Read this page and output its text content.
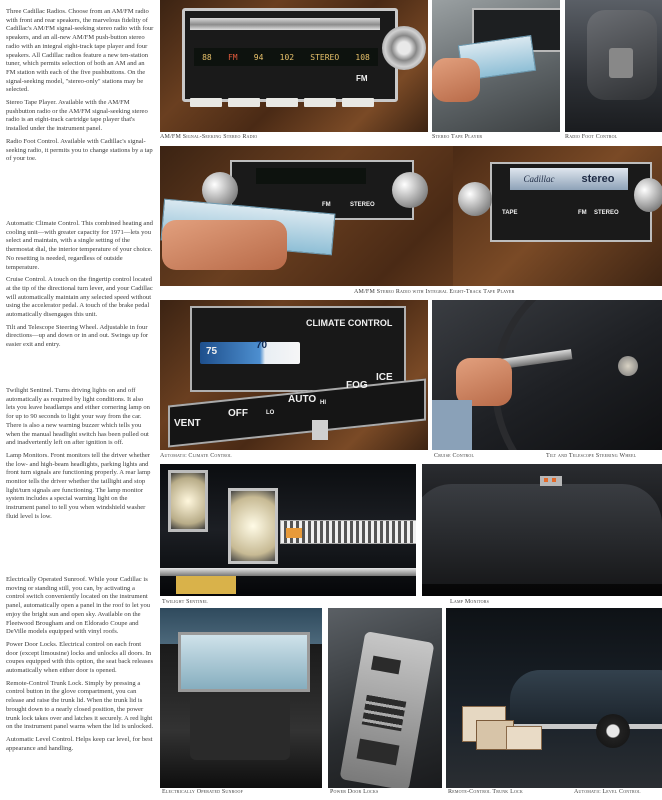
Three Cadillac Radios. Choose from an AM/FM radio with front and rear speakers, the marvelous fidelity of Cadillac's AM/FM signal-seeking stereo radio with four speakers, and an all-new AM/FM push-button stereo radio with an integral eight-track tape player and four speakers. All Cadillac radios feature a new ten-station tuner, which permits selection of both an AM and an FM station with each of the five pushbuttons. On the signal-seeking model, "stereo-only" stations may be selected.

Stereo Tape Player. Available with the AM/FM pushbutton radio or the AM/FM signal-seeking stereo radio is an eight-track cartridge tape player that's installed under the instrument panel.

Radio Foot Control. Available with Cadillac's signal-seeking radio, it permits you to change stations by a tap of your toe.

Automatic Climate Control. This combined heating and cooling unit—with greater capacity for 1971—lets you select and maintain, with a single setting of the thermostat dial, the interior temperature of your choice. No resetting is needed, regardless of outside temperature.

Cruise Control. A touch on the fingertip control located at the tip of the directional turn lever, and your Cadillac will automatically maintain any selected speed without using the accelerator pedal. A touch of the brake pedal automatically disengages this unit.

Tilt and Telescope Steering Wheel. Adjustable in four directions—up and down or in and out. Swings up for easier exit and entry.

Twilight Sentinel. Turns driving lights on and off automatically as required by light conditions. It also lets you leave headlamps and either cornering lamp on for up to 90 seconds to light your way from the car. There is also a new warning buzzer which tells you when the manual headlight switch has been pulled out and inadvertently left on after ignition is off.

Lamp Monitors. Front monitors tell the driver whether the low- and high-beam headlights, parking lights and front turn signals are functioning properly. A rear lamp monitor tells the driver whether the taillight and stop light/turn signals are functioning. The lamp monitor system includes a special warning light on the instrument panel to tell you when windshield washer fluid level is low.

Electrically Operated Sunroof. While your Cadillac is moving or standing still, you can, by activating a control switch conveniently located on the instrument panel, automatically open a panel in the roof to let you enjoy the bright sun and open sky. Available on the Fleetwood Brougham and on Eldorado Coupe and DeVille models equipped with vinyl roofs.

Power Door Locks. Electrical control on each front door (except limousine) locks and unlocks all doors. In coupes equipped with this option, the seat back releases automatically when either door is opened.

Remote-Control Trunk Lock. Simply by pressing a control button in the glove compartment, you can release and raise the trunk lid. When the trunk lid is brought down to a nearly closed position, the power trunk lock takes over and latches it securely. A red light on the instrument panel warns when the lid is unlocked.

Automatic Level Control. Helps keep car level, for best appearance and handling.

88 FM 94 102 STEREO 108
FM
AM/FM Signal-Seeking Stereo Radio	Stereo Tape Player	Radio Foot Control
FM	STEREO
Cadillac stereo
TAPE	FM STEREO
AM/FM Stereo Radio with Integral Eight-Track Tape Player
CLIMATE CONTROL
75
70
VENT
OFF	LO
AUTO HI
FOG
ICE
Automatic Climate Control	Cruise Control	Tilt and Telescope Steering Wheel
Twilight Sentinel	Lamp Monitors
Electrically Operated Sunroof	Power Door Locks	Remote-Control Trunk Lock	Automatic Level Control
